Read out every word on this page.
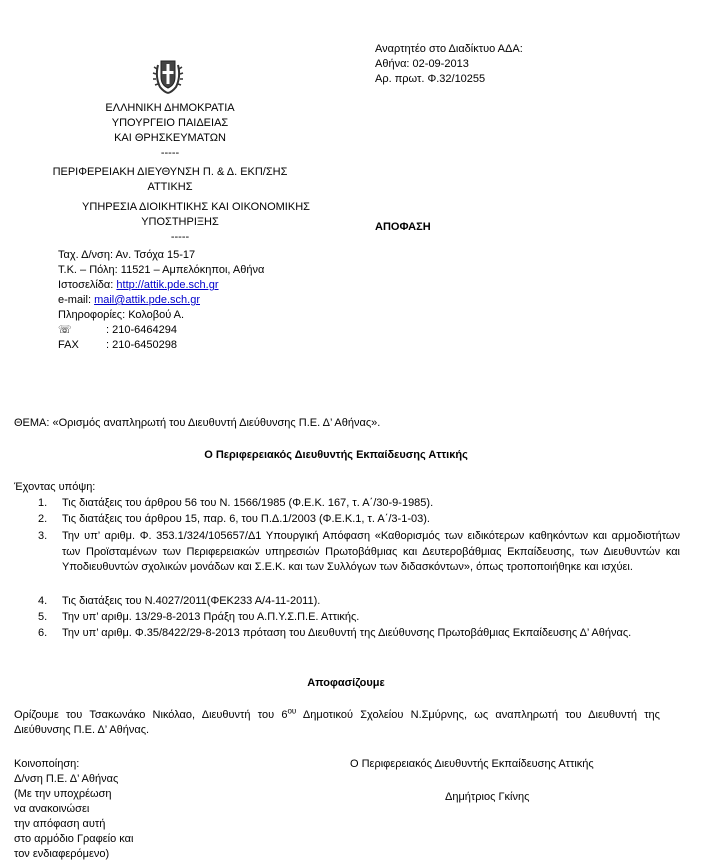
ΕΛΛΗΝΙΚΗ ΔΗΜΟΚΡΑΤΙΑ
ΥΠΟΥΡΓΕΙΟ ΠΑΙΔΕΙΑΣ
ΚΑΙ ΘΡΗΣΚΕΥΜΑΤΩΝ
-----
ΠΕΡΙΦΕΡΕΙΑΚΗ ΔΙΕΥΘΥΝΣΗ Π. & Δ. ΕΚΠ/ΣΗΣ
ΑΤΤΙΚΗΣ
ΥΠΗΡΕΣΙΑ ΔΙΟΙΚΗΤΙΚΗΣ ΚΑΙ ΟΙΚΟΝΟΜΙΚΗΣ
ΥΠΟΣΤΗΡΙΞΗΣ
-----
Αναρτητέο στο Διαδίκτυο ΑΔΑ:
Αθήνα: 02-09-2013
Αρ. πρωτ. Φ.32/10255
ΑΠΟΦΑΣΗ
Ταχ. Δ/νση: Αν. Τσόχα 15-17
Τ.Κ. – Πόλη: 11521 – Αμπελόκηποι, Αθήνα
Ιστοσελίδα: http://attik.pde.sch.gr
e-mail: mail@attik.pde.sch.gr
Πληροφορίες: Κολοβού Α.
☏	: 210-6464294
FAX : 210-6450298
ΘΕΜΑ: «Ορισμός αναπληρωτή του Διευθυντή Διεύθυνσης Π.Ε. Δ’ Αθήνας».
Ο Περιφερειακός Διευθυντής Εκπαίδευσης Αττικής
Έχοντας υπόψη:
1. Τις διατάξεις του άρθρου 56 του Ν. 1566/1985 (Φ.Ε.Κ. 167, τ. Α΄/30-9-1985).
2. Τις διατάξεις του άρθρου 15, παρ. 6, του Π.Δ.1/2003 (Φ.Ε.Κ.1, τ. Α΄/3-1-03).
3. Την υπ’ αριθμ. Φ. 353.1/324/105657/Δ1 Υπουργική Απόφαση «Καθορισμός των ειδικότερων καθηκόντων και αρμοδιοτήτων των Προϊσταμένων των Περιφερειακών υπηρεσιών Πρωτοβάθμιας και Δευτεροβάθμιας Εκπαίδευσης, των Διευθυντών και Υποδιευθυντών σχολικών μονάδων και Σ.Ε.Κ. και των Συλλόγων των διδασκόντων», όπως τροποποιήθηκε και ισχύει.
4. Τις διατάξεις του Ν.4027/2011(ΦΕΚ233 Α/4-11-2011).
5. Την υπ’ αριθμ. 13/29-8-2013 Πράξη του Α.Π.Υ.Σ.Π.Ε. Αττικής.
6. Την υπ’ αριθμ. Φ.35/8422/29-8-2013 πρόταση του Διευθυντή της Διεύθυνσης Πρωτοβάθμιας Εκπαίδευσης Δ’ Αθήνας.
Αποφασίζουμε
Ορίζουμε του Τσακωνάκο Νικόλαο, Διευθυντή του $6^{o\upsilon}$ Δημοτικού Σχολείου Ν.Σμύρνης, ως αναπληρωτή του Διευθυντή της Διεύθυνσης Π.Ε. Δ’ Αθήνας.
Κοινοποίηση:
Δ/νση Π.Ε. Δ’ Αθήνας
(Με την υποχρέωση
να ανακοινώσει
την απόφαση αυτή
στο αρμόδιο Γραφείο και
τον ενδιαφερόμενο)
Ο Περιφερειακός Διευθυντής Εκπαίδευσης Αττικής
Δημήτριος Γκίνης
